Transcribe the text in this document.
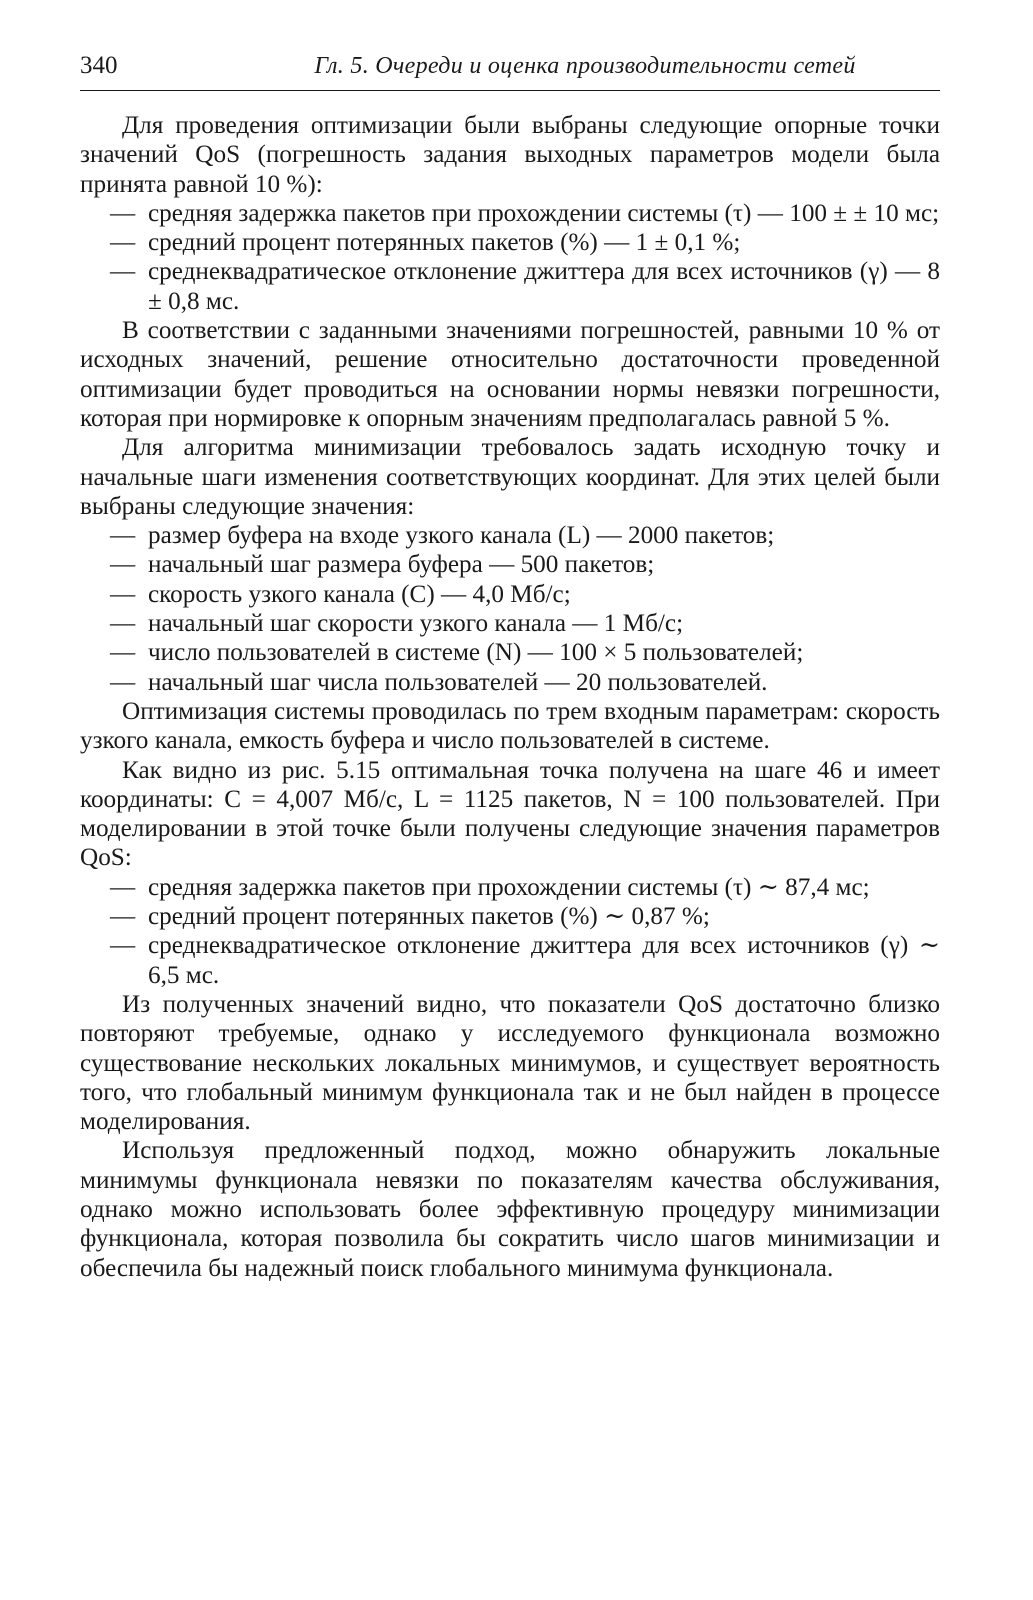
340	Гл. 5. Очереди и оценка производительности сетей

Для проведения оптимизации были выбраны следующие опорные точки значений QoS (погрешность задания выходных параметров модели была принята равной 10 %):

— средняя задержка пакетов при прохождении системы (τ) — 100 ± ± 10 мс;
— средний процент потерянных пакетов (%) — 1 ± 0,1 %;
— среднеквадратическое отклонение джиттера для всех источников (γ) — 8 ± 0,8 мс.

В соответствии с заданными значениями погрешностей, равными 10 % от исходных значений, решение относительно достаточности проведенной оптимизации будет проводиться на основании нормы невязки погрешности, которая при нормировке к опорным значениям предполагалась равной 5 %.

Для алгоритма минимизации требовалось задать исходную точку и начальные шаги изменения соответствующих координат. Для этих целей были выбраны следующие значения:

— размер буфера на входе узкого канала (L) — 2000 пакетов;
— начальный шаг размера буфера — 500 пакетов;
— скорость узкого канала (C) — 4,0 Мб/с;
— начальный шаг скорости узкого канала — 1 Мб/с;
— число пользователей в системе (N) — 100 × 5 пользователей;
— начальный шаг числа пользователей — 20 пользователей.

Оптимизация системы проводилась по трем входным параметрам: скорость узкого канала, емкость буфера и число пользователей в системе.

Как видно из рис. 5.15 оптимальная точка получена на шаге 46 и имеет координаты: C = 4,007 Мб/с, L = 1125 пакетов, N = 100 пользователей. При моделировании в этой точке были получены следующие значения параметров QoS:

— средняя задержка пакетов при прохождении системы (τ) ∼ 87,4 мс;
— средний процент потерянных пакетов (%) ∼ 0,87 %;
— среднеквадратическое отклонение джиттера для всех источников (γ) ∼ 6,5 мс.

Из полученных значений видно, что показатели QoS достаточно близко повторяют требуемые, однако у исследуемого функционала возможно существование нескольких локальных минимумов, и существует вероятность того, что глобальный минимум функционала так и не был найден в процессе моделирования.

Используя предложенный подход, можно обнаружить локальные минимумы функционала невязки по показателям качества обслуживания, однако можно использовать более эффективную процедуру минимизации функционала, которая позволила бы сократить число шагов минимизации и обеспечила бы надежный поиск глобального минимума функционала.
